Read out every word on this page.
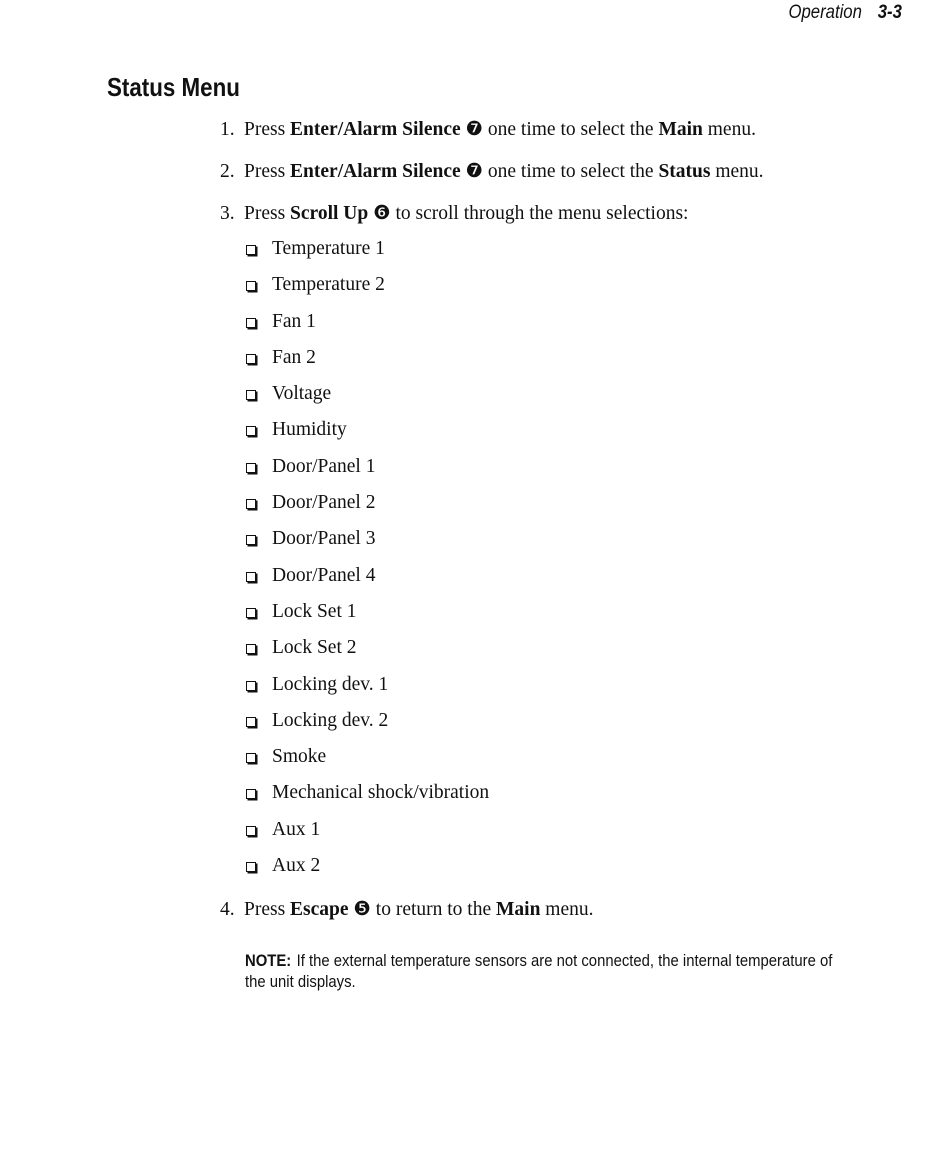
Operation 3-3
Status Menu
1. Press Enter/Alarm Silence ❼ one time to select the Main menu.
2. Press Enter/Alarm Silence ❼ one time to select the Status menu.
3. Press Scroll Up ❻ to scroll through the menu selections:
Temperature 1
Temperature 2
Fan 1
Fan 2
Voltage
Humidity
Door/Panel 1
Door/Panel 2
Door/Panel 3
Door/Panel 4
Lock Set 1
Lock Set 2
Locking dev. 1
Locking dev. 2
Smoke
Mechanical shock/vibration
Aux 1
Aux 2
4. Press Escape ❺ to return to the Main menu.
NOTE: If the external temperature sensors are not connected, the internal temperature of the unit displays.
